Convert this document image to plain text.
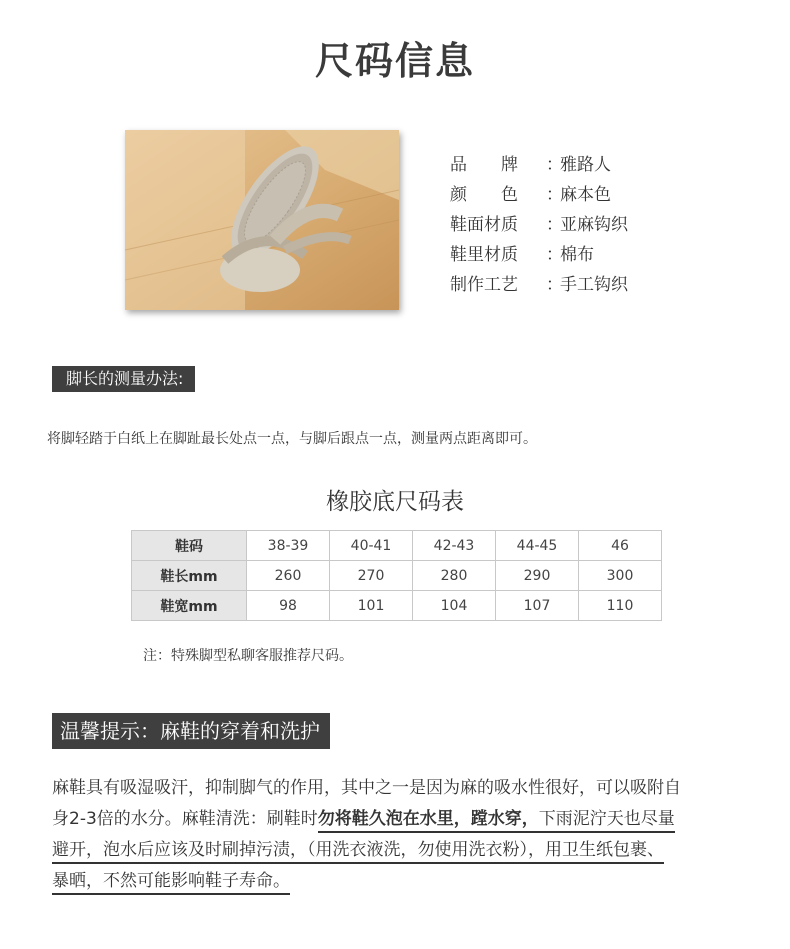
尺码信息
品　　牌 ：雅路人
颜　　色 ：麻本色
鞋面材质 ：亚麻钩织
鞋里材质 ：棉布
制作工艺 ：手工钩织
脚长的测量办法:
将脚轻踏于白纸上在脚趾最长处点一点，与脚后跟点一点，测量两点距离即可。
橡胶底尺码表
鞋码	38-39	40-41	42-43	44-45	46
鞋长mm	260	270	280	290	300
鞋宽mm	98	101	104	107	110
注：特殊脚型私聊客服推荐尺码。
温馨提示：麻鞋的穿着和洗护
麻鞋具有吸湿吸汗，抑制脚气的作用，其中之一是因为麻的吸水性很好，可以吸附自
身2-3倍的水分。麻鞋清洗：刷鞋时勿将鞋久泡在水里，蹚水穿，下雨泥泞天也尽量
避开，泡水后应该及时刷掉污渍，（用洗衣液洗，勿使用洗衣粉），用卫生纸包裹、
暴晒，不然可能影响鞋子寿命。
